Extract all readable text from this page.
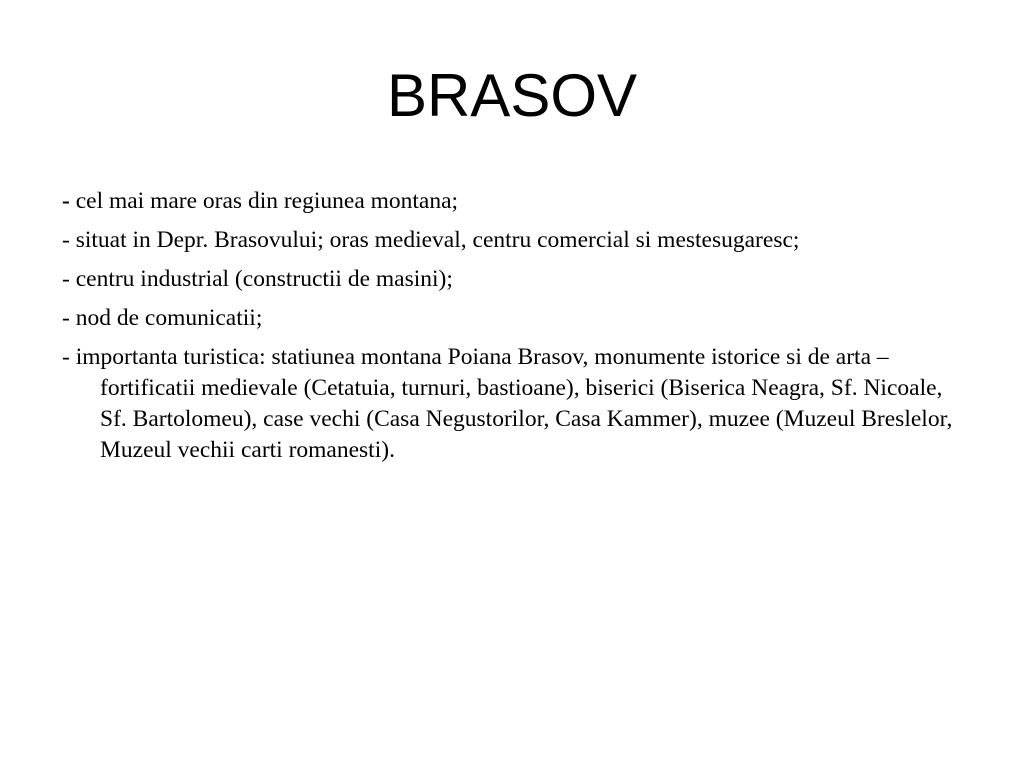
BRASOV
- cel mai mare oras din regiunea montana;
- situat in Depr. Brasovului; oras medieval, centru comercial si mestesugaresc;
- centru industrial (constructii de masini);
- nod de comunicatii;
- importanta turistica: statiunea montana Poiana Brasov, monumente istorice si de arta – fortificatii medievale (Cetatuia, turnuri, bastioane), biserici (Biserica Neagra, Sf. Nicoale, Sf. Bartolomeu), case vechi (Casa Negustorilor, Casa Kammer), muzee (Muzeul Breslelor, Muzeul vechii carti romanesti).
